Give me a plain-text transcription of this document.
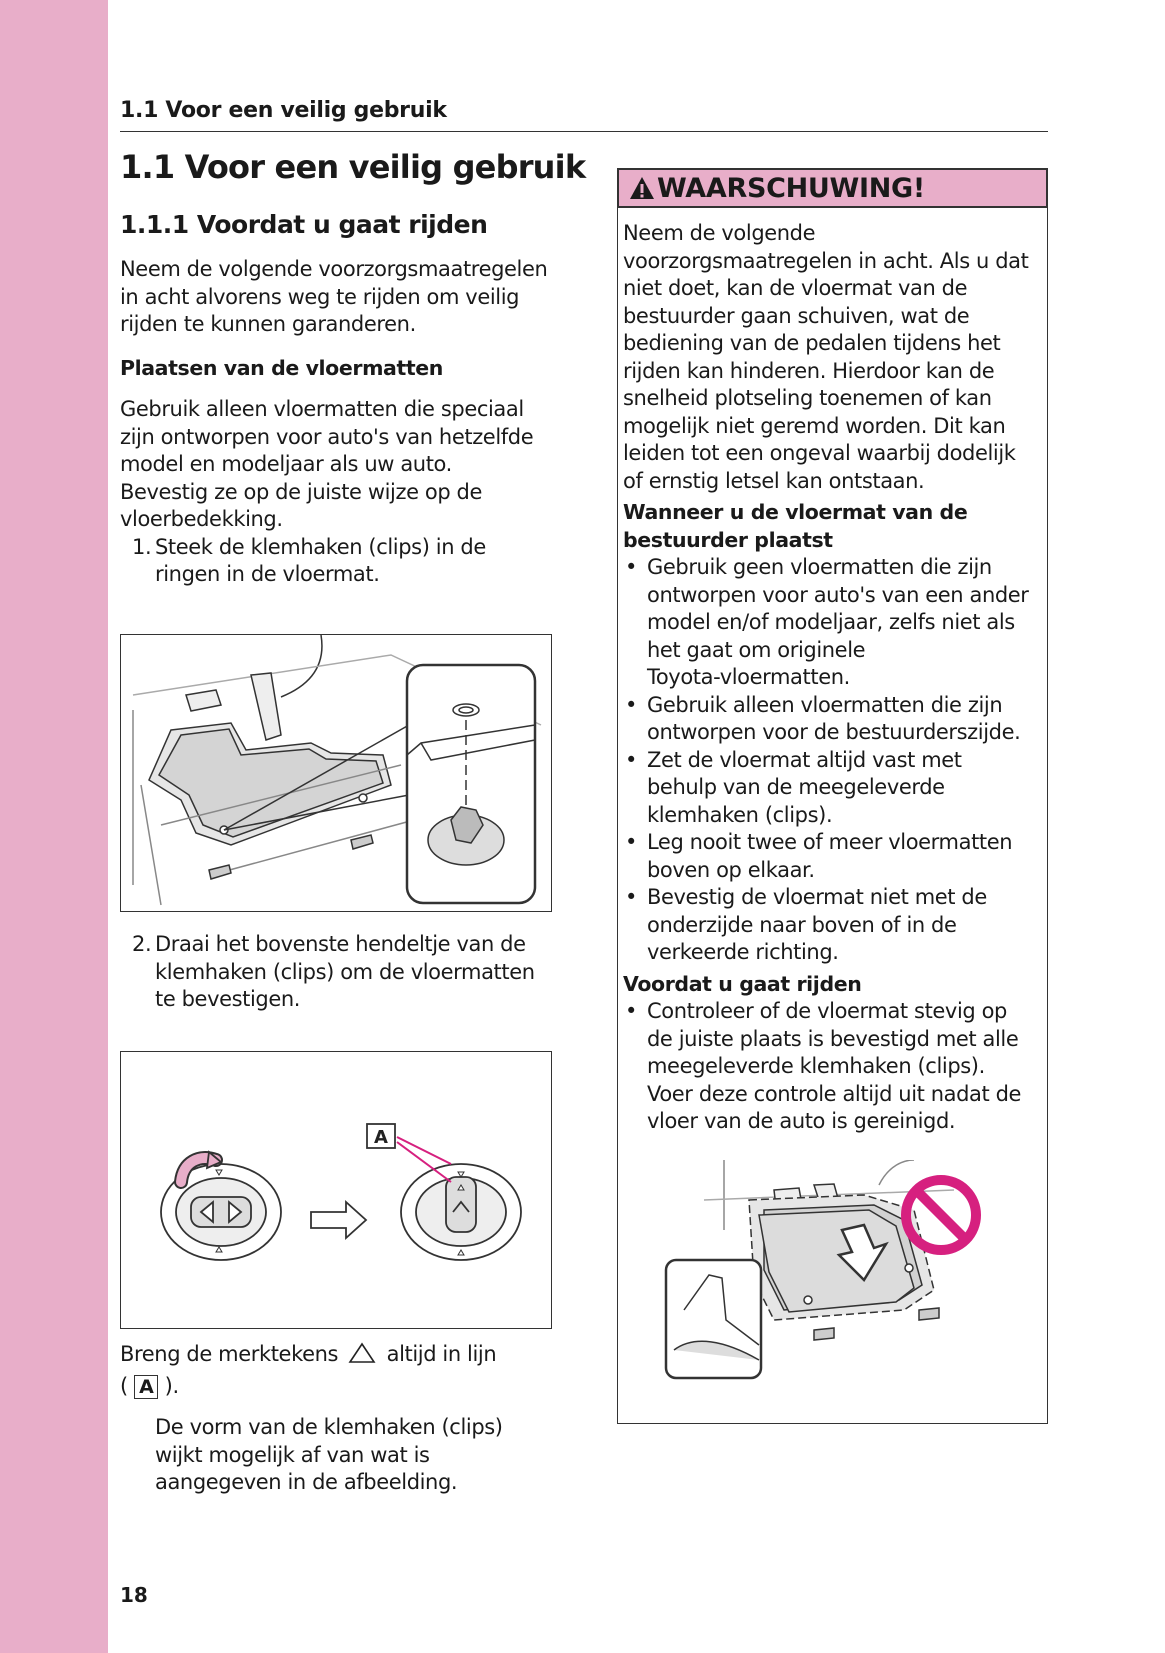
1.1 Voor een veilig gebruik
1.1 Voor een veilig gebruik
1.1.1 Voordat u gaat rijden
Neem de volgende voorzorgsmaatregelen
in acht alvorens weg te rijden om veilig
rijden te kunnen garanderen.
Plaatsen van de vloermatten
Gebruik alleen vloermatten die speciaal
zijn ontworpen voor auto's van hetzelfde
model en modeljaar als uw auto.
Bevestig ze op de juiste wijze op de
vloerbedekking.
1. Steek de klemhaken (clips) in de
ringen in de vloermat.
2. Draai het bovenste hendeltje van de
klemhaken (clips) om de vloermatten
te bevestigen.
A
Breng de merktekens altijd in lijn
( A ).
De vorm van de klemhaken (clips)
wijkt mogelijk af van wat is
aangegeven in de afbeelding.
WAARSCHUWING!
Neem de volgende
voorzorgsmaatregelen in acht. Als u dat
niet doet, kan de vloermat van de
bestuurder gaan schuiven, wat de
bediening van de pedalen tijdens het
rijden kan hinderen. Hierdoor kan de
snelheid plotseling toenemen of kan
mogelijk niet geremd worden. Dit kan
leiden tot een ongeval waarbij dodelijk
of ernstig letsel kan ontstaan.
Wanneer u de vloermat van de
bestuurder plaatst
• Gebruik geen vloermatten die zijn
ontworpen voor auto's van een ander
model en/of modeljaar, zelfs niet als
het gaat om originele
Toyota-vloermatten.
• Gebruik alleen vloermatten die zijn
ontworpen voor de bestuurderszijde.
• Zet de vloermat altijd vast met
behulp van de meegeleverde
klemhaken (clips).
• Leg nooit twee of meer vloermatten
boven op elkaar.
• Bevestig de vloermat niet met de
onderzijde naar boven of in de
verkeerde richting.
Voordat u gaat rijden
• Controleer of de vloermat stevig op
de juiste plaats is bevestigd met alle
meegeleverde klemhaken (clips).
Voer deze controle altijd uit nadat de
vloer van de auto is gereinigd.
18
